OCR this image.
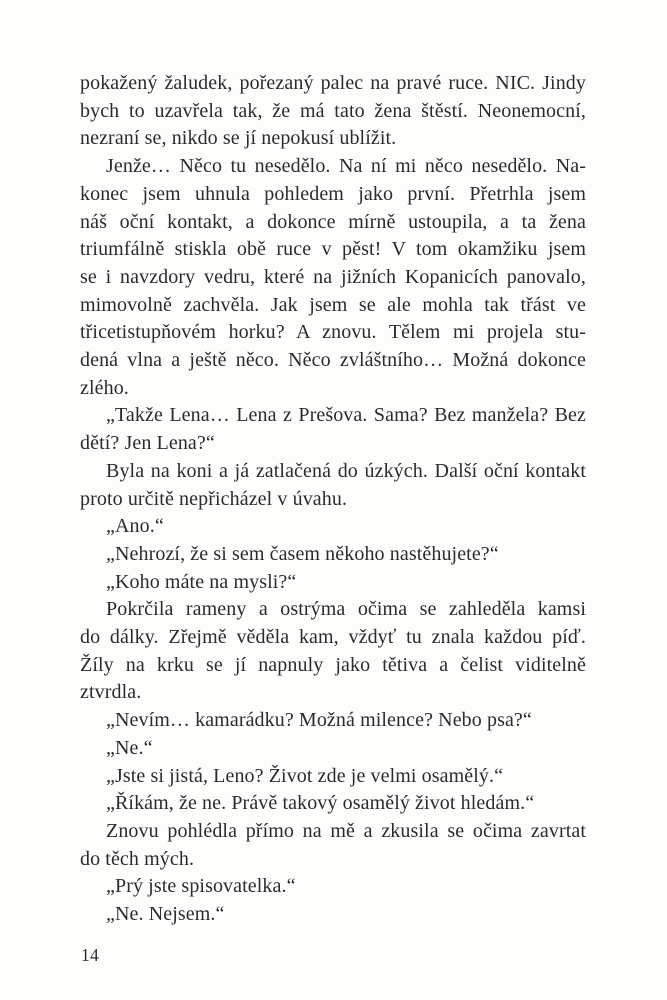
pokažený žaludek, pořezaný palec na pravé ruce. NIC. Jindy
bych to uzavřela tak, že má tato žena štěstí. Neonemocní,
nezraní se, nikdo se jí nepokusí ublížit.
Jenže… Něco tu nesedělo. Na ní mi něco nesedělo. Na-
konec jsem uhnula pohledem jako první. Přetrhla jsem
náš oční kontakt, a dokonce mírně ustoupila, a ta žena
triumfálně stiskla obě ruce v pěst! V tom okamžiku jsem
se i navzdory vedru, které na jižních Kopanicích panovalo,
mimovolně zachvěla. Jak jsem se ale mohla tak třást ve
třicetistupňovém horku? A znovu. Tělem mi projela stu-
dená vlna a ještě něco. Něco zvláštního… Možná dokonce
zlého.
„Takže Lena… Lena z Prešova. Sama? Bez manžela? Bez
dětí? Jen Lena?“
Byla na koni a já zatlačená do úzkých. Další oční kontakt
proto určitě nepřicházel v úvahu.
„Ano.“
„Nehrozí, že si sem časem někoho nastěhujete?“
„Koho máte na mysli?“
Pokrčila rameny a ostrýma očima se zahleděla kamsi
do dálky. Zřejmě věděla kam, vždyť tu znala každou píď.
Žíly na krku se jí napnuly jako tětiva a čelist viditelně
ztvrdla.
„Nevím… kamarádku? Možná milence? Nebo psa?“
„Ne.“
„Jste si jistá, Leno? Život zde je velmi osamělý.“
„Říkám, že ne. Právě takový osamělý život hledám.“
Znovu pohlédla přímo na mě a zkusila se očima zavrtat
do těch mých.
„Prý jste spisovatelka.“
„Ne. Nejsem.“
14
